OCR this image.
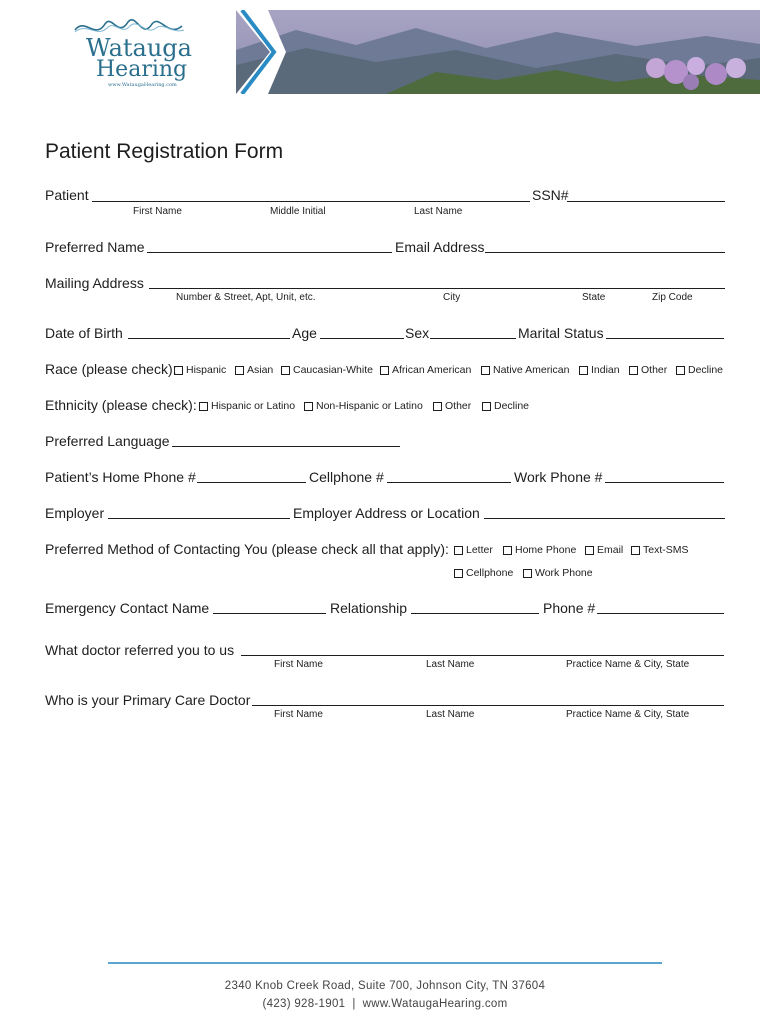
Watauga
Hearing
www.WataugaHearing.com
Patient Registration Form
Patient	SSN#
First Name	Middle Initial	Last Name
Preferred Name	Email Address
Mailing Address
Number & Street, Apt, Unit, etc.	City	State	Zip Code
Date of Birth	Age	Sex	Marital Status
Race (please check): Hispanic Asian Caucasian-White African American Native American Indian Other Decline
Ethnicity (please check): Hispanic or Latino Non-Hispanic or Latino Other Decline
Preferred Language
Patient’s Home Phone #	Cellphone #	Work Phone #
Employer	Employer Address or Location
Preferred Method of Contacting You (please check all that apply): Letter Home Phone Email Text-SMS
Cellphone Work Phone
Emergency Contact Name	Relationship	Phone #
What doctor referred you to us
First Name	Last Name	Practice Name & City, State
Who is your Primary Care Doctor
First Name	Last Name	Practice Name & City, State
2340 Knob Creek Road, Suite 700, Johnson City, TN 37604
(423) 928-1901  |  www.WataugaHearing.com
